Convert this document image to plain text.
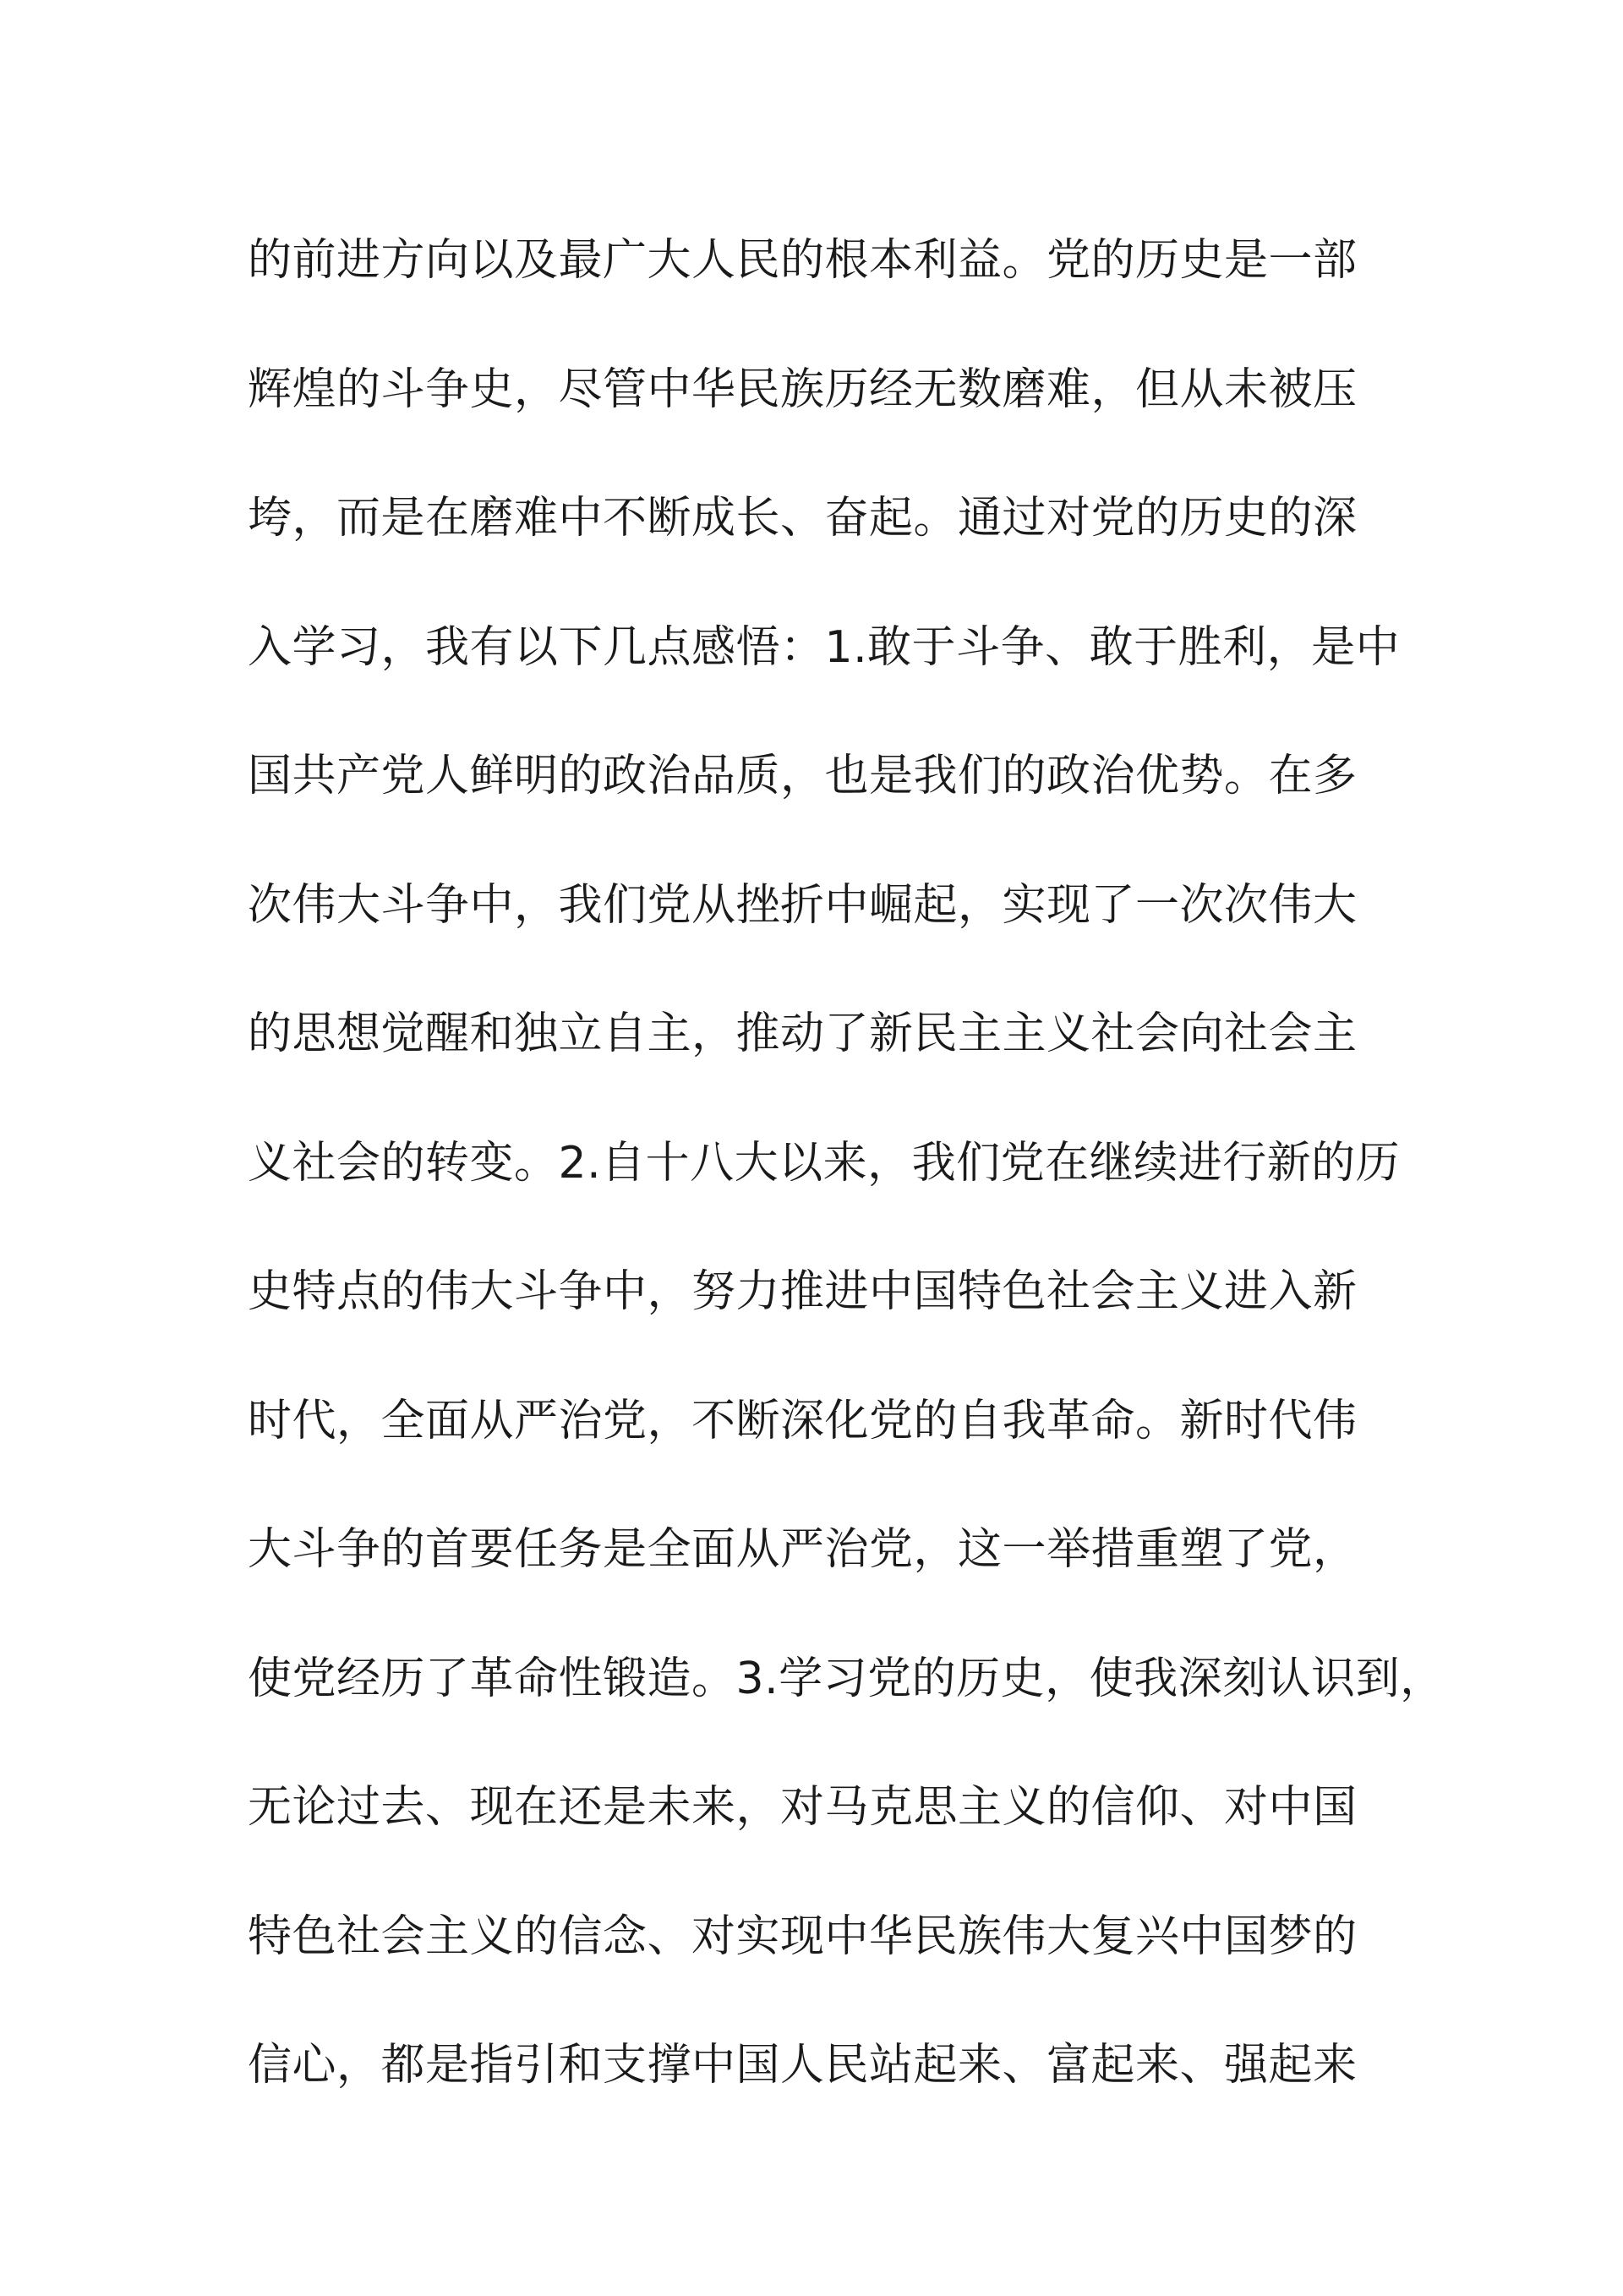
的前进方向以及最广大人民的根本利益。党的历史是一部
辉煌的斗争史，尽管中华民族历经无数磨难，但从未被压
垮，而是在磨难中不断成长、奋起。通过对党的历史的深
入学习，我有以下几点感悟：1.敢于斗争、敢于胜利，是中
国共产党人鲜明的政治品质，也是我们的政治优势。在多
次伟大斗争中，我们党从挫折中崛起，实现了一次次伟大
的思想觉醒和独立自主，推动了新民主主义社会向社会主
义社会的转变。2.自十八大以来，我们党在继续进行新的历
史特点的伟大斗争中，努力推进中国特色社会主义进入新
时代，全面从严治党，不断深化党的自我革命。新时代伟
大斗争的首要任务是全面从严治党，这一举措重塑了党，
使党经历了革命性锻造。3.学习党的历史，使我深刻认识到，
无论过去、现在还是未来，对马克思主义的信仰、对中国
特色社会主义的信念、对实现中华民族伟大复兴中国梦的
信心，都是指引和支撑中国人民站起来、富起来、强起来
